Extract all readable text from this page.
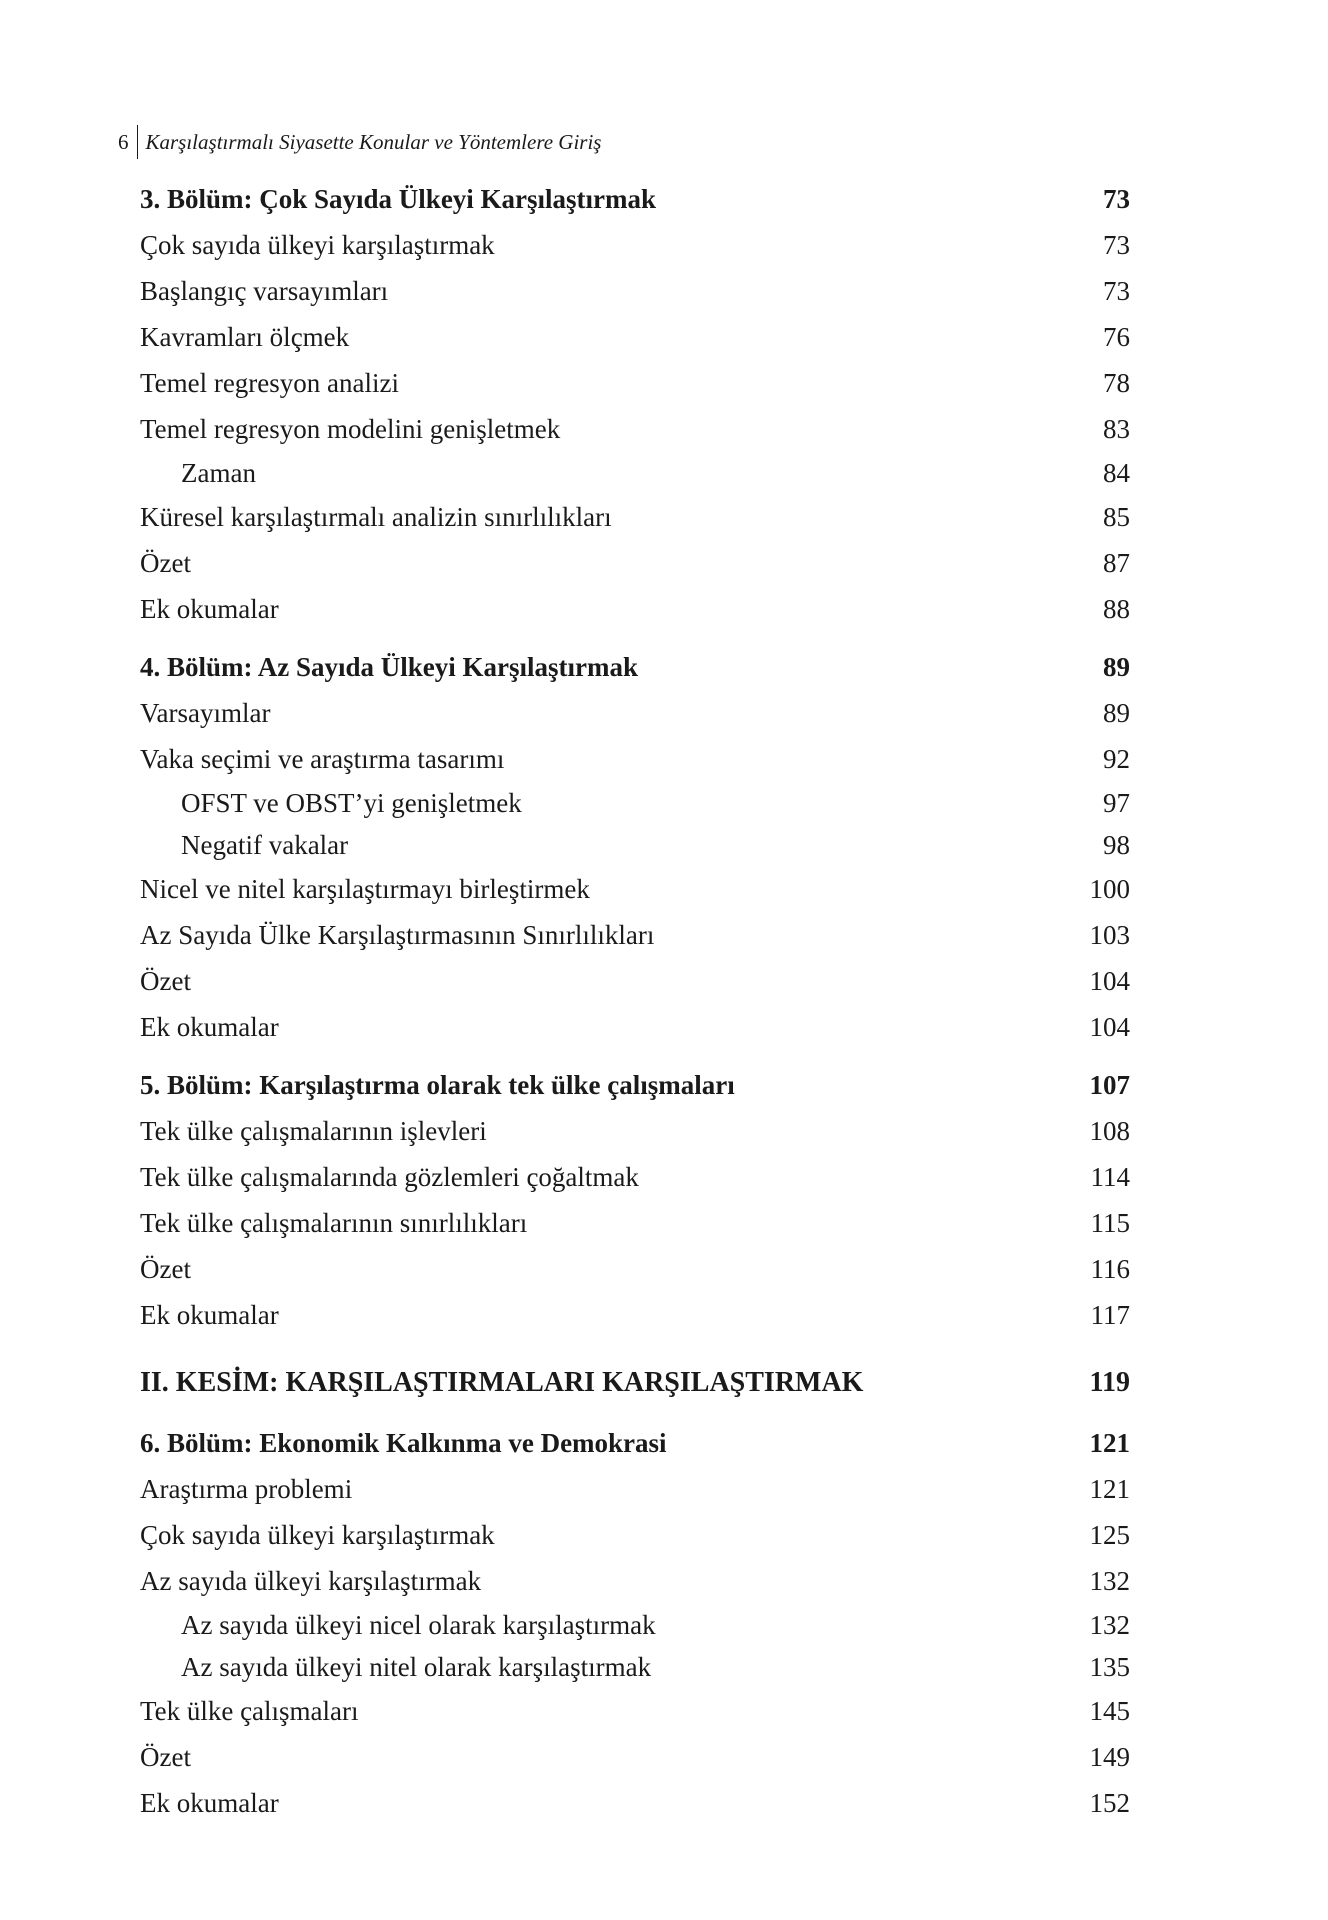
6 Karşılaştırmalı Siyasette Konular ve Yöntemlere Giriş
3. Bölüm: Çok Sayıda Ülkeyi Karşılaştırmak	73
Çok sayıda ülkeyi karşılaştırmak	73
Başlangıç varsayımları	73
Kavramları ölçmek	76
Temel regresyon analizi	78
Temel regresyon modelini genişletmek	83
Zaman	84
Küresel karşılaştırmalı analizin sınırlılıkları	85
Özet	87
Ek okumalar	88
4. Bölüm: Az Sayıda Ülkeyi Karşılaştırmak	89
Varsayımlar	89
Vaka seçimi ve araştırma tasarımı	92
OFST ve OBST’yi genişletmek	97
Negatif vakalar	98
Nicel ve nitel karşılaştırmayı birleştirmek	100
Az Sayıda Ülke Karşılaştırmasının Sınırlılıkları	103
Özet	104
Ek okumalar	104
5. Bölüm: Karşılaştırma olarak tek ülke çalışmaları	107
Tek ülke çalışmalarının işlevleri	108
Tek ülke çalışmalarında gözlemleri çoğaltmak	114
Tek ülke çalışmalarının sınırlılıkları	115
Özet	116
Ek okumalar	117
II. KESİM: KARŞILAŞTIRMALARI KARŞILAŞTIRMAK	119
6. Bölüm: Ekonomik Kalkınma ve Demokrasi	121
Araştırma problemi	121
Çok sayıda ülkeyi karşılaştırmak	125
Az sayıda ülkeyi karşılaştırmak	132
Az sayıda ülkeyi nicel olarak karşılaştırmak	132
Az sayıda ülkeyi nitel olarak karşılaştırmak	135
Tek ülke çalışmaları	145
Özet	149
Ek okumalar	152
